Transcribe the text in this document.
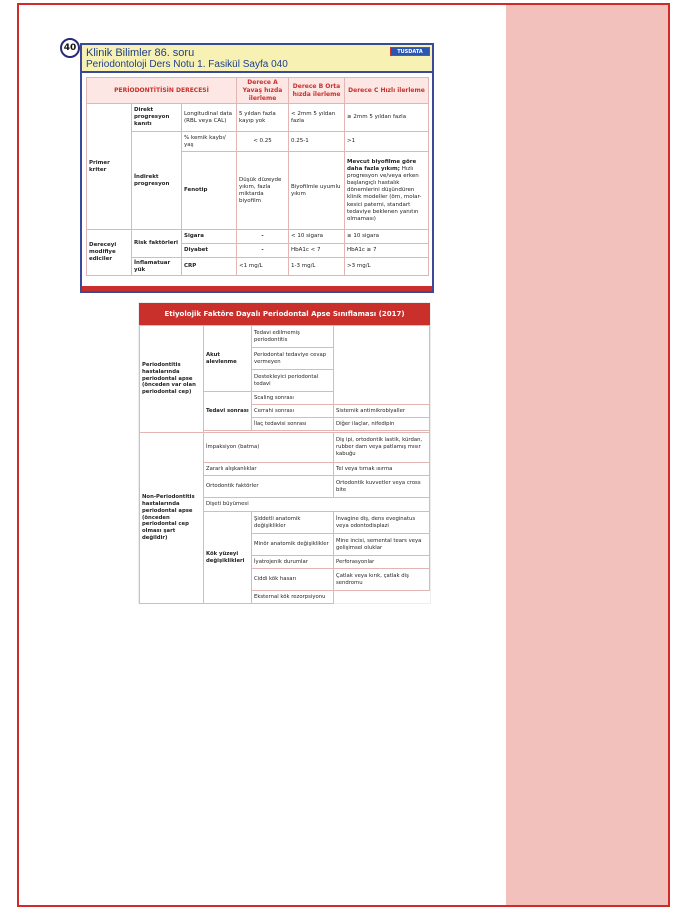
40 Klinik Bilimler 86. soru
Periodontoloji Ders Notu 1. Fasikül Sayfa 040
TUSDATA
PERİODONTİTİSİN DERECESİ			Derece A Yavaş hızda ilerleme	Derece B Orta hızda ilerleme	Derece C Hızlı ilerleme
Primer kriter	Direkt progresyon kanıtı	Longitudinal data (RBL veya CAL)	5 yıldan fazla kayıp yok	< 2mm 5 yıldan fazla	≥ 2mm 5 yıldan fazla
	İndirekt progresyon	% kemik kaybı/ yaş	< 0.25	0.25-1	>1
		Fenotip	Düşük düzeyde yıkım, fazla miktarda biyofilm	Biyofilmle uyumlu yıkım	Mevcut biyofilme göre daha fazla yıkım; Hızlı progresyon ve/veya erken başlangıçlı hastalık dönemlerini düşündüren klinik modeller (örn, molar-kesici paterni, standart tedaviye beklenen yanıtın olmaması)
Dereceyi modifiye ediciler	Risk faktörleri	Sigara	-	< 10 sigara	≥ 10 sigara
		Diyabet	-	HbA1c < 7	HbA1c ≥ 7
	İnflamatuar yük	CRP	<1 mg/L	1-3 mg/L	>3 mg/L
Etiyolojik Faktöre Dayalı Periodontal Apse Sınıflaması (2017)
Periodontitis hastalarında periodontal apse (önceden var olan periodontal cep)	Akut alevlenme	Tedavi edilmemiş periodontitis	
		Periodontal tedaviye cevap vermeyen	
		Destekleyici periodontal tedavi	
	Tedavi sonrası	Scaling sonrası	
		Cerrahi sonrası	Sistemik antimikrobiyaller
		İlaç tedavisi sonrası	Diğer ilaçlar, nifedipin

Non-Periodontitis hastalarında periodontal apse (önceden periodontal cep olması şart değildir)	İmpaksiyon (batma)		Diş ipi, ortodontik lastik, kürdan, rubber dam veya patlamış mısır kabuğu
	Zararlı alışkanlıklar		Tel veya tırnak ısırma
	Ortodontik faktörler		Ortodontik kuvvetler veya cross bite
	Dişeti büyümesi		
	Kök yüzeyi değişiklikleri	Şiddetli anatomik değişiklikler	İnvagine diş, dens eveginatus veya odontodisplazi
		Minör anatomik değişiklikler	Mine incisi, semental tears veya gelişimsel oluklar
		İyatrojenik durumlar	Perforasyonlar
		Ciddi kök hasarı	Çatlak veya kırık, çatlak diş sendromu
		Eksternal kök rezorpsiyonu	
